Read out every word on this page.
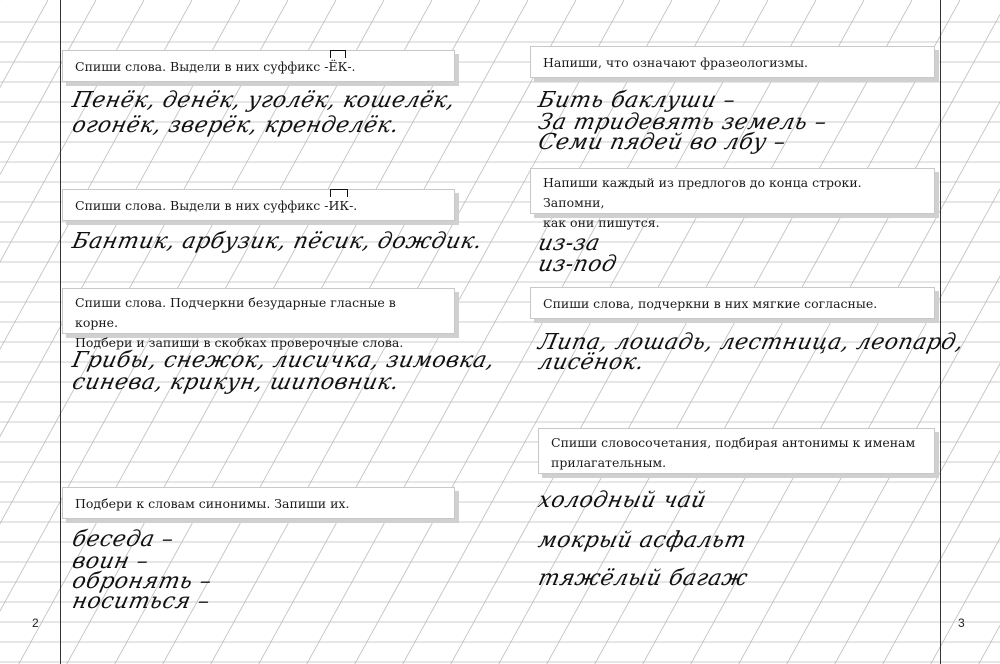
Спиши слова. Выдели в них суффикс -ЁК-.
Пенёк, денёк, уголёк, кошелёк,
огонёк, зверёк, кренделёк.
Спиши слова. Выдели в них суффикс -ИК-.
Бантик, арбузик, пёсик, дождик.
Спиши слова. Подчеркни безударные гласные в корне.
Подбери и запиши в скобках проверочные слова.
Грибы, снежок, лисичка, зимовка,
синева, крикун, шиповник.
Подбери к словам синонимы. Запиши их.
беседа –
воин –
обронять –
носиться –
2
Напиши, что означают фразеологизмы.
Бить баклуши –
За тридевять земель –
Семи пядей во лбу –
Напиши каждый из предлогов до конца строки. Запомни,
как они пишутся.
из-за
из-под
Спиши слова, подчеркни в них мягкие согласные.
Липа, лошадь, лестница, леопард,
лисёнок.
Спиши словосочетания, подбирая антонимы к именам
прилагательным.
холодный чай
мокрый асфальт
тяжёлый багаж
3
